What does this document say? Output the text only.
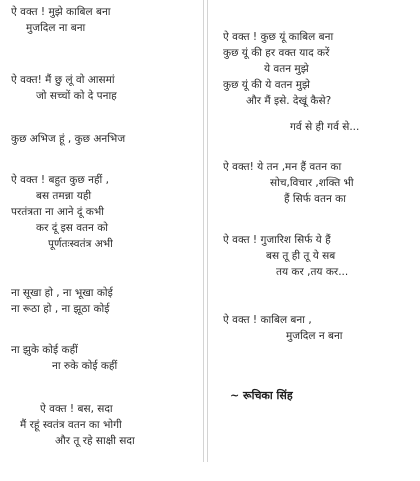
ऐ वक्त ! मुझे काबिल बना
मुजदिल ना बना
ऐ वक्त! मैं छु लूं वो आसमां
जो सच्चों को दे पनाह
कुछ अभिज हूं , कुछ अनभिज
ऐ वक्त ! बहुत कुछ नहीं ,
बस तमन्ना यही
परतंत्रता ना आने दूं कभी
कर दूं इस वतन को
पूर्णतःस्वतंत्र अभी
ना सूखा हो , ना भूखा कोई
ना रूठा हो , ना झूठा कोई
ना झुके कोई कहीं
ना रुके कोई कहीं
ऐ वक्त ! बस, सदा
मैं रहूं स्वतंत्र वतन का भोगी
और तू रहे साक्षी सदा
ऐ वक्त ! कुछ यूं काबिल बना
कुछ यूं की हर वक्त याद करें
ये वतन मुझे
कुछ यूं की ये वतन मुझे
और मैं इसे. देखूं कैसे?
गर्व से ही गर्व से...
ऐ वक्त! ये तन ,मन हैं वतन का
सोच,विचार ,शक्ति भी
हैं सिर्फ वतन का
ऐ वक्त ! गुजारिश सिर्फ ये हैं
बस तू ही तू ये सब
तय कर ,तय कर...
ऐ वक्त ! काबिल बना ,
मुजदिल न बना
~ रूचिका सिंह
